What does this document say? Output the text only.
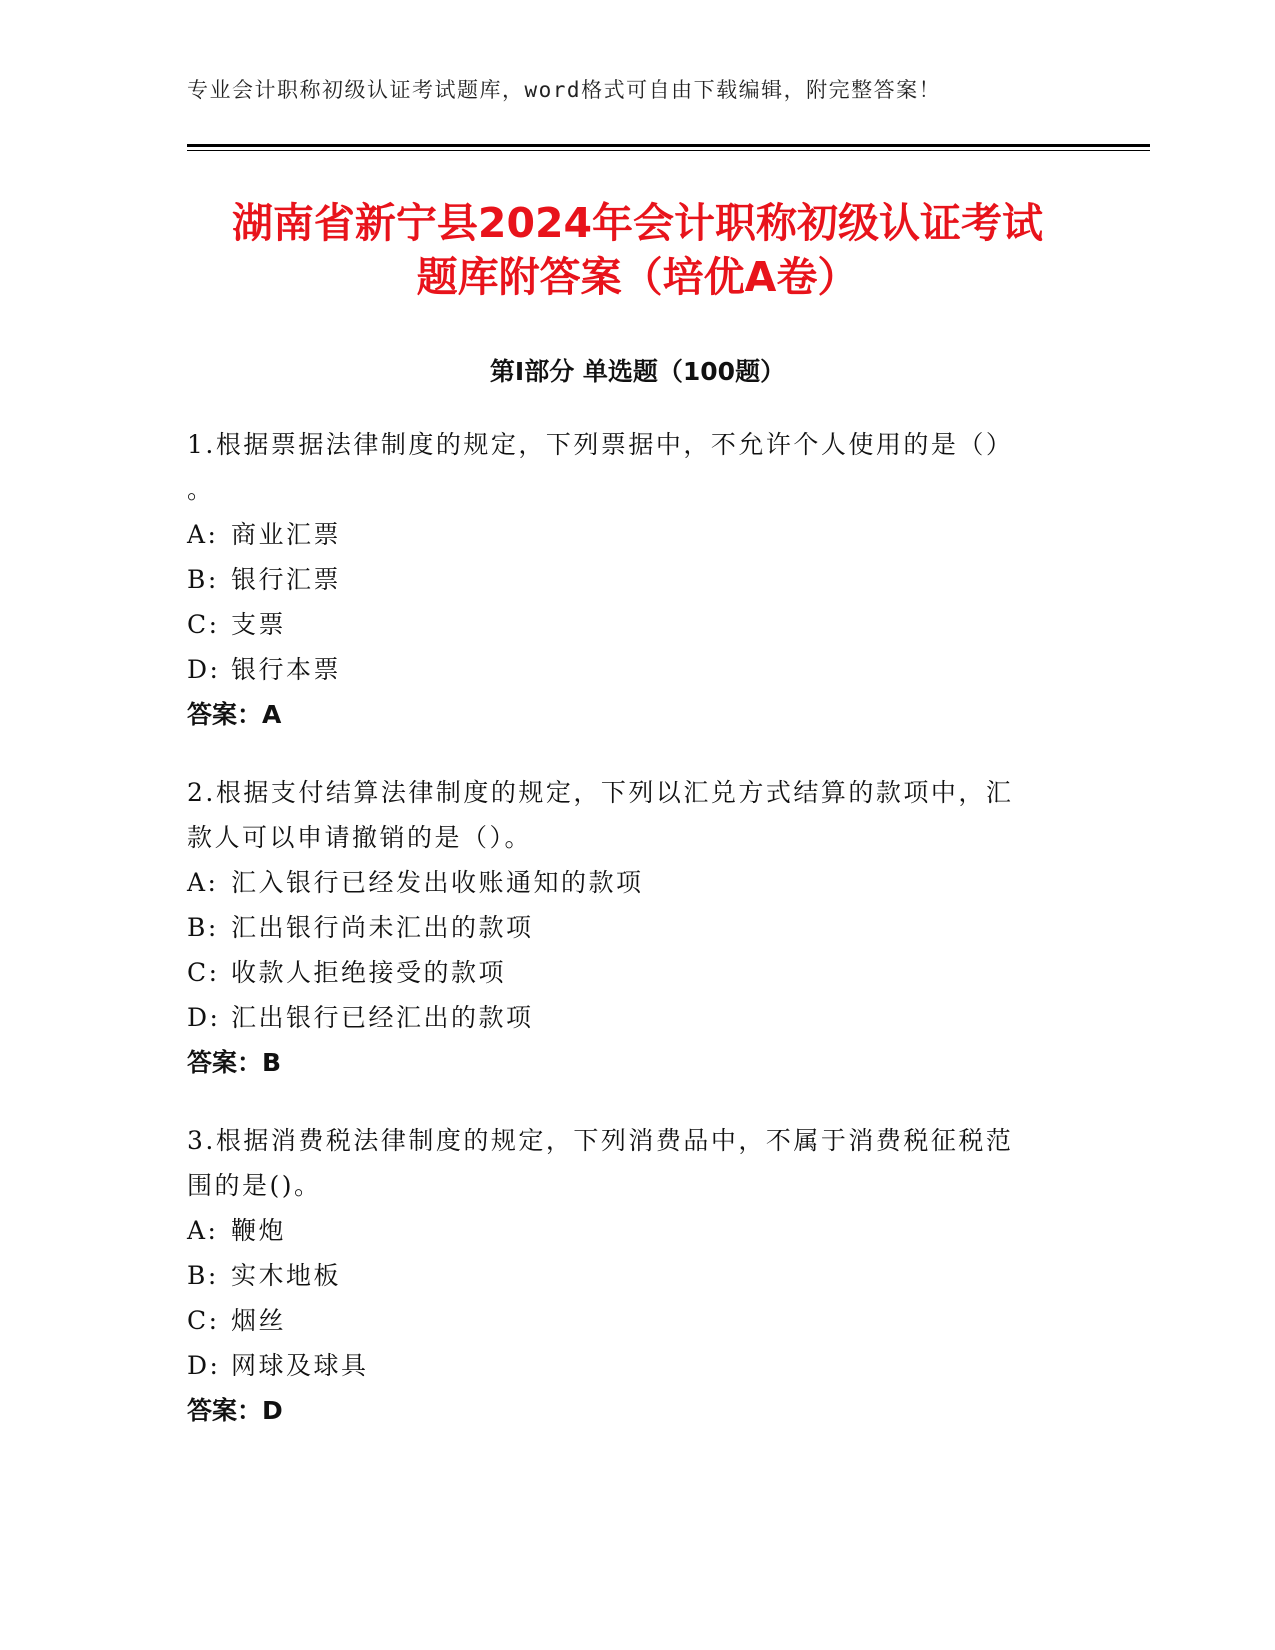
专业会计职称初级认证考试题库，word格式可自由下载编辑，附完整答案！
湖南省新宁县2024年会计职称初级认证考试
题库附答案（培优A卷）
第Ⅰ部分 单选题（100题）
1.根据票据法律制度的规定，下列票据中，不允许个人使用的是（）
。
A: 商业汇票
B: 银行汇票
C: 支票
D: 银行本票
答案：A
2.根据支付结算法律制度的规定，下列以汇兑方式结算的款项中，汇
款人可以申请撤销的是（）。
A: 汇入银行已经发出收账通知的款项
B: 汇出银行尚未汇出的款项
C: 收款人拒绝接受的款项
D: 汇出银行已经汇出的款项
答案：B
3.根据消费税法律制度的规定，下列消费品中，不属于消费税征税范
围的是()。
A: 鞭炮
B: 实木地板
C: 烟丝
D: 网球及球具
答案：D
